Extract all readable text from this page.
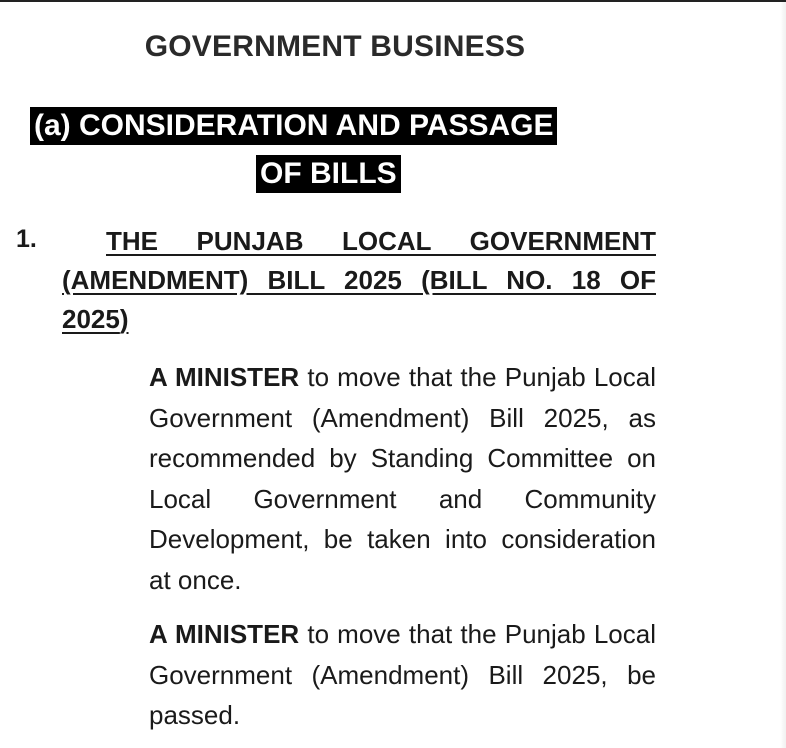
GOVERNMENT BUSINESS
(a) CONSIDERATION AND PASSAGE
OF BILLS
1.	THE PUNJAB LOCAL GOVERNMENT (AMENDMENT) BILL 2025 (BILL NO. 18 OF 2025)
A MINISTER to move that the Punjab Local Government (Amendment) Bill 2025, as recommended by Standing Committee on Local Government and Community Development, be taken into consideration at once.
A MINISTER to move that the Punjab Local Government (Amendment) Bill 2025, be passed.
